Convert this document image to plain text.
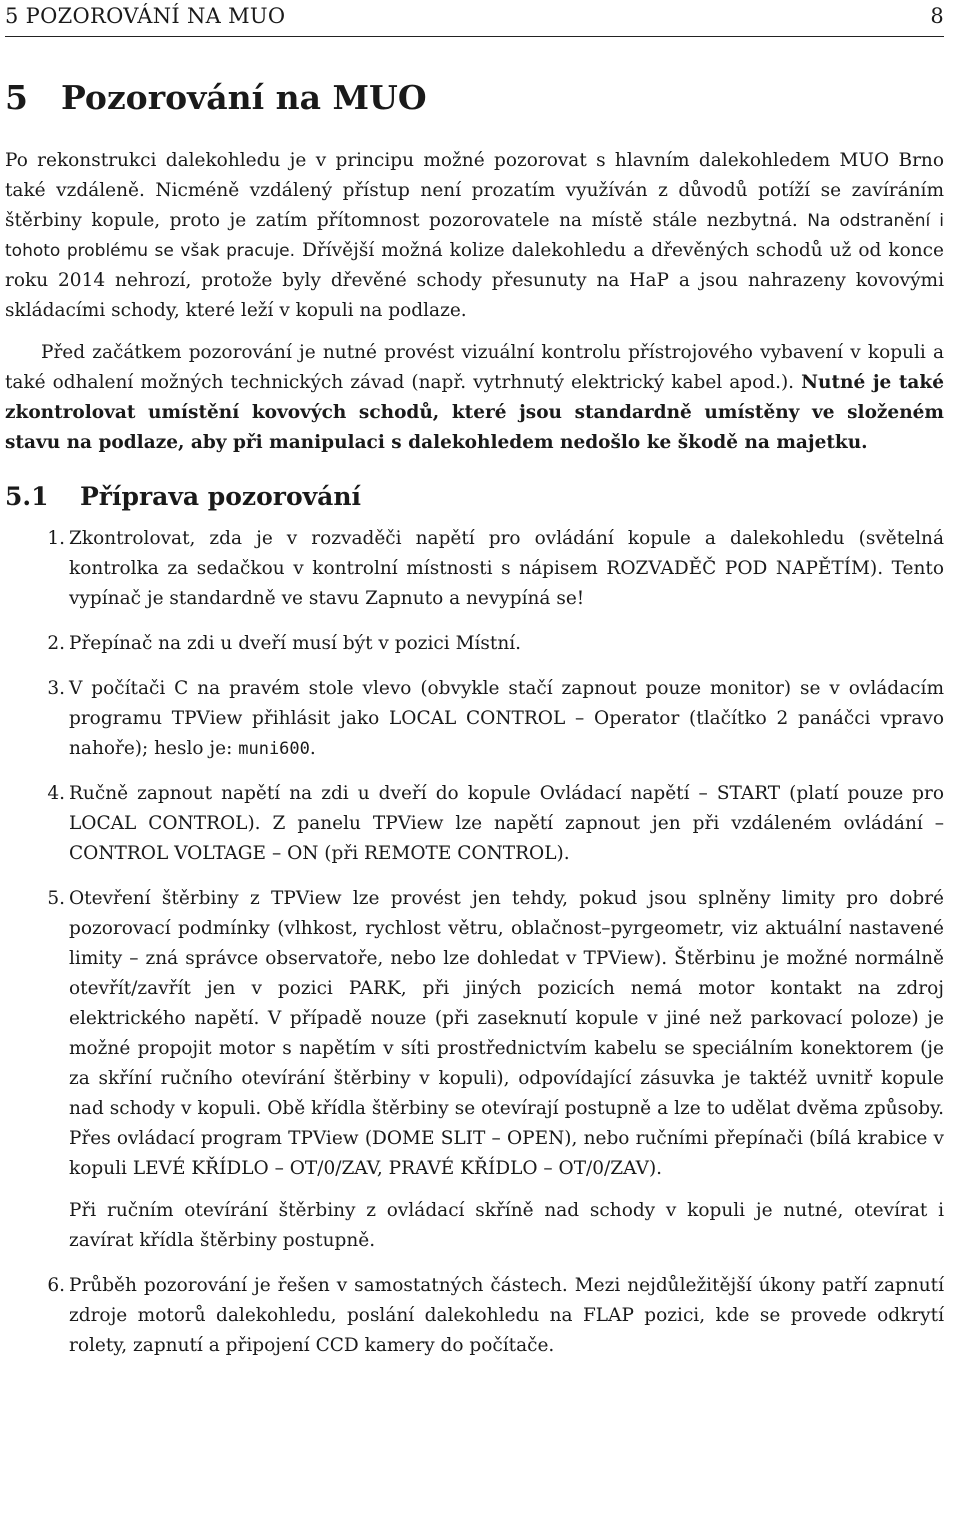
5 POZOROVÁNÍ NA MUO	8
5 Pozorování na MUO

Po rekonstrukci dalekohledu je v principu možné pozorovat s hlavním dalekohledem MUO Brno také vzdáleně. Nicméně vzdálený přístup není prozatím využíván z důvodů potíží se zavíráním štěrbiny kopule, proto je zatím přítomnost pozorovatele na místě stále nezbytná. Na odstranění i tohoto problému se však pracuje. Dřívější možná kolize dalekohledu a dřevěných schodů už od konce roku 2014 nehrozí, protože byly dřevěné schody přesunuty na HaP a jsou nahrazeny kovovými skládacími schody, které leží v kopuli na podlaze.

Před začátkem pozorování je nutné provést vizuální kontrolu přístrojového vybavení v kopuli a také odhalení možných technických závad (např. vytrhnutý elektrický kabel apod.). Nutné je také zkontrolovat umístění kovových schodů, které jsou standardně umístěny ve složeném stavu na podlaze, aby při manipulaci s dalekohledem nedošlo ke škodě na majetku.

5.1 Příprava pozorování
1. Zkontrolovat, zda je v rozvaděči napětí pro ovládání kopule a dalekohledu (světelná kontrolka za sedačkou v kontrolní místnosti s nápisem ROZVADĚČ POD NAPĚTÍM). Tento vypínač je standardně ve stavu Zapnuto a nevypíná se!
2. Přepínač na zdi u dveří musí být v pozici Místní.
3. V počítači C na pravém stole vlevo (obvykle stačí zapnout pouze monitor) se v ovládacím programu TPView přihlásit jako LOCAL CONTROL – Operator (tlačítko 2 panáčci vpravo nahoře); heslo je: muni600.
4. Ručně zapnout napětí na zdi u dveří do kopule Ovládací napětí – START (platí pouze pro LOCAL CONTROL). Z panelu TPView lze napětí zapnout jen při vzdáleném ovládání – CONTROL VOLTAGE – ON (při REMOTE CONTROL).
5. Otevření štěrbiny z TPView lze provést jen tehdy, pokud jsou splněny limity pro dobré pozorovací podmínky (vlhkost, rychlost větru, oblačnost–pyrgeometr, viz aktuální nastavené limity – zná správce observatoře, nebo lze dohledat v TPView). Štěrbinu je možné normálně otevřít/zavřít jen v pozici PARK, při jiných pozicích nemá motor kontakt na zdroj elektrického napětí. V případě nouze (při zaseknutí kopule v jiné než parkovací poloze) je možné propojit motor s napětím v síti prostřednictvím kabelu se speciálním konektorem (je za skříní ručního otevírání štěrbiny v kopuli), odpovídající zásuvka je taktéž uvnitř kopule nad schody v kopuli. Obě křídla štěrbiny se otevírají postupně a lze to udělat dvěma způsoby. Přes ovládací program TPView (DOME SLIT – OPEN), nebo ručními přepínači (bílá krabice v kopuli LEVÉ KŘÍDLO – OT/0/ZAV, PRAVÉ KŘÍDLO – OT/0/ZAV).

Při ručním otevírání štěrbiny z ovládací skříně nad schody v kopuli je nutné, otevírat i zavírat křídla štěrbiny postupně.

6. Průběh pozorování je řešen v samostatných částech. Mezi nejdůležitější úkony patří zapnutí zdroje motorů dalekohledu, poslání dalekohledu na FLAP pozici, kde se provede odkrytí rolety, zapnutí a připojení CCD kamery do počítače.
